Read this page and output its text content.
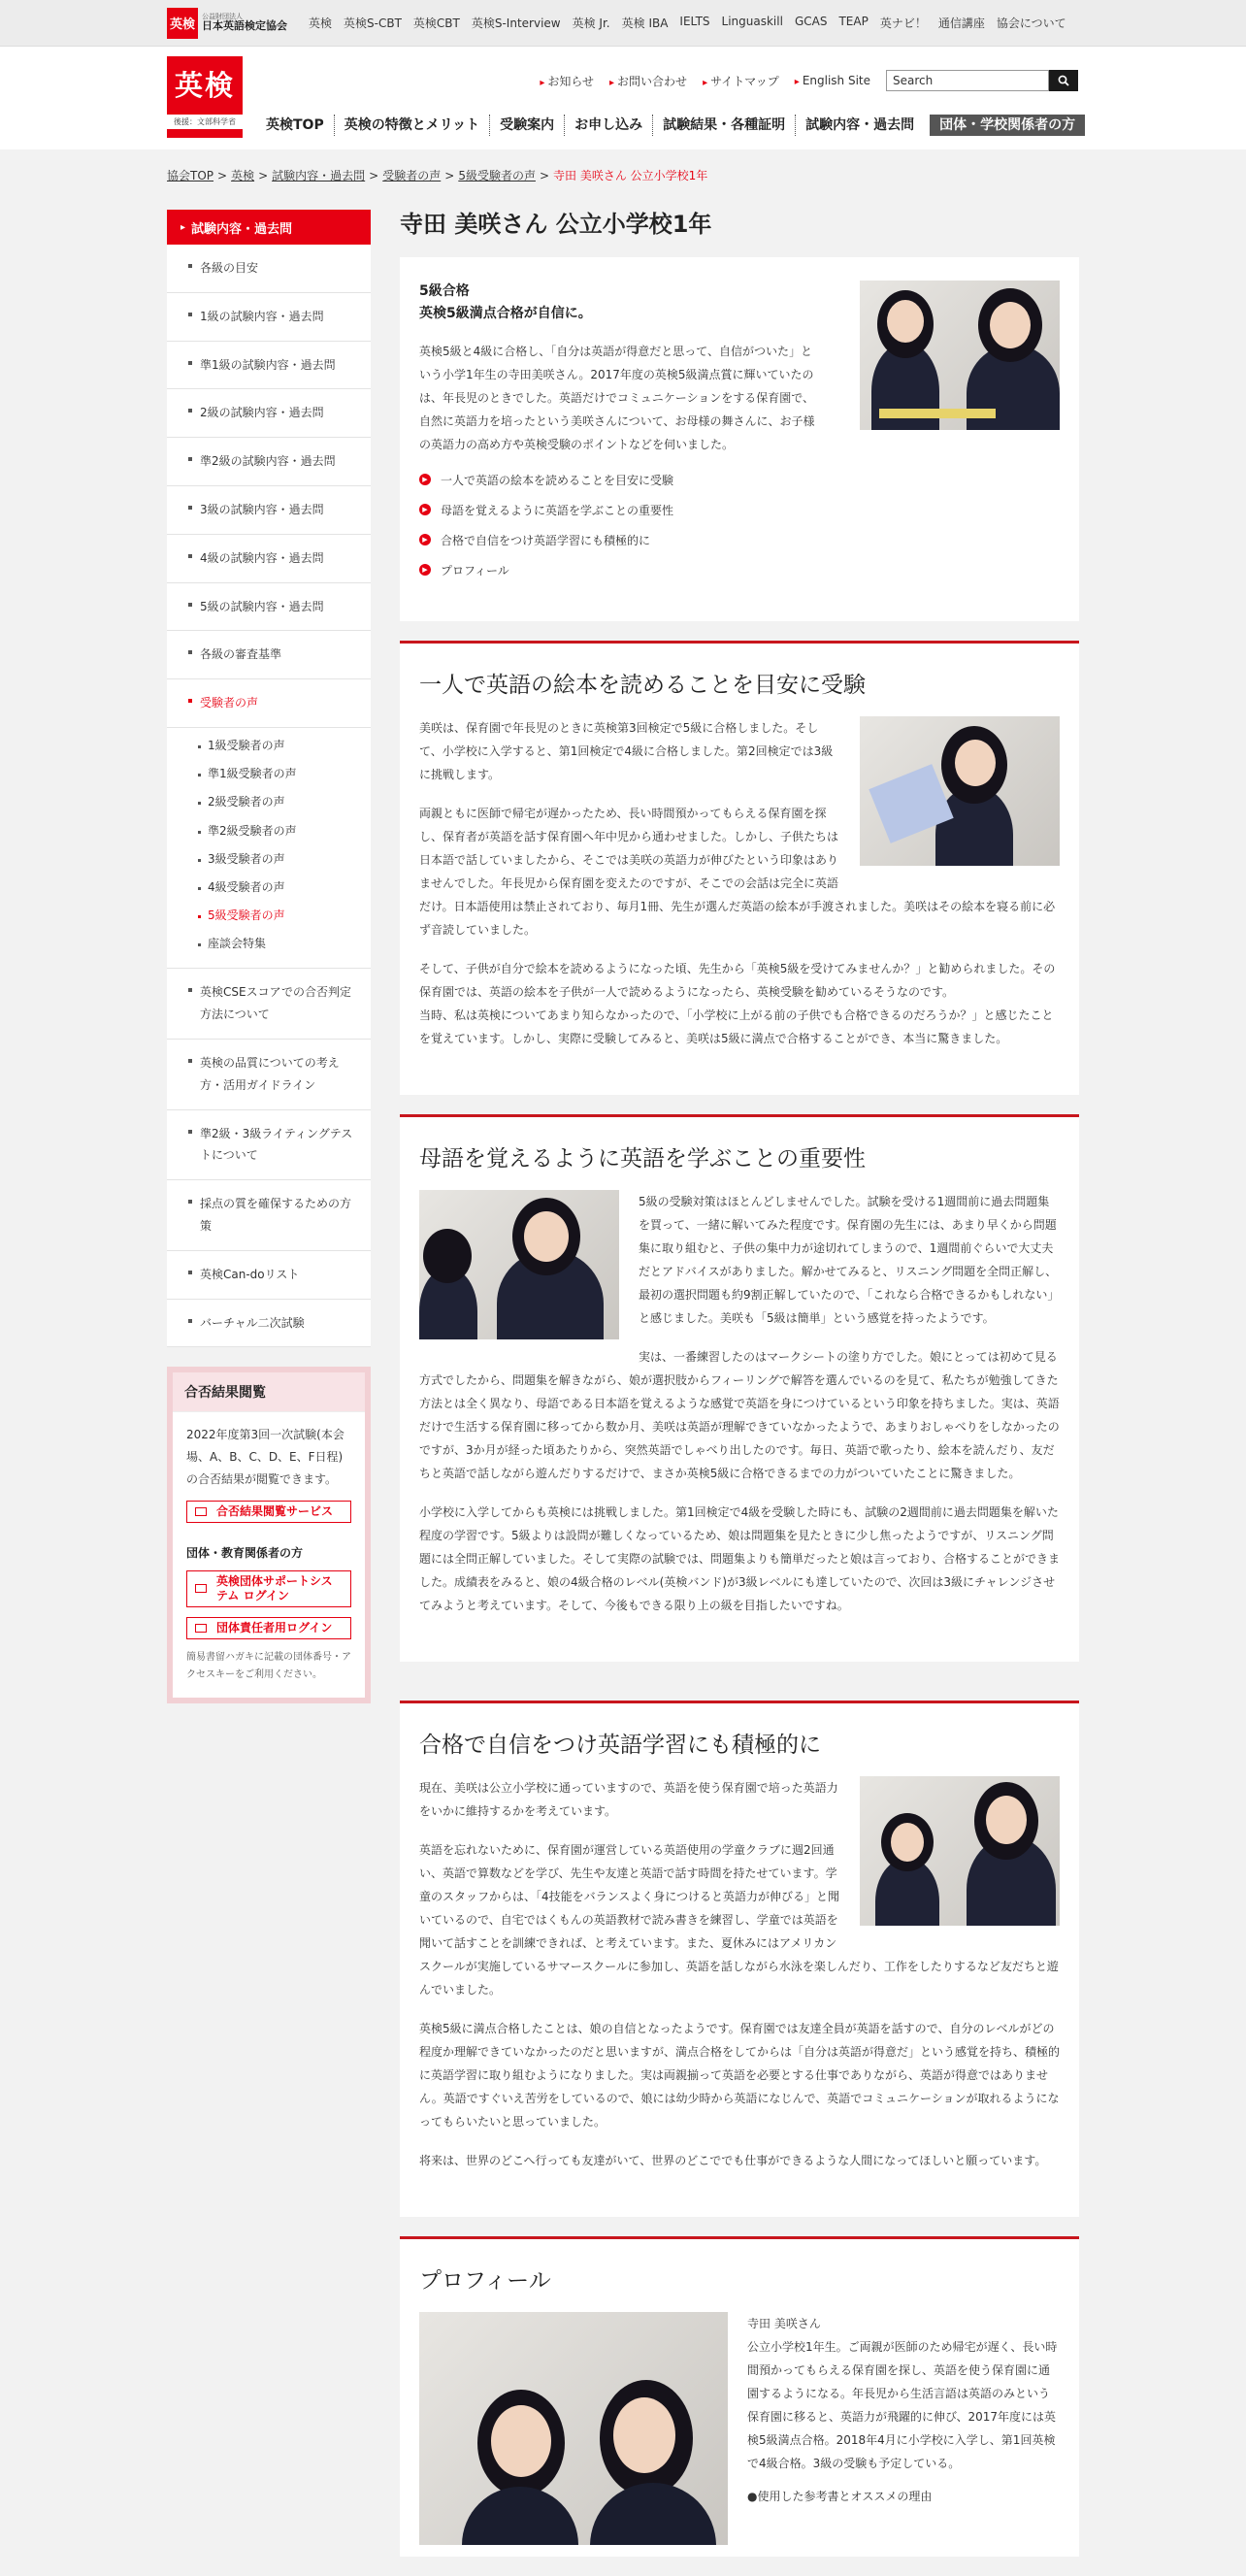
英検
公益財団法人
日本英語検定協会 英検 英検S-CBT 英検CBT 英検S-Interview 英検 Jr. 英検 IBA IELTS Linguaskill GCAS TEAP 英ナビ！ 通信講座 協会について
英検
後援：文部科学省
▸ お知らせ	▸ お問い合わせ	▸ サイトマップ	▸ English Site
Search
英検TOP	英検の特徴とメリット	受験案内	お申し込み	試験結果・各種証明	試験内容・過去問	団体・学校関係者の方
協会TOP > 英検 > 試験内容・過去問 > 受験者の声 > 5級受験者の声 > 寺田 美咲さん 公立小学校1年
▸ 試験内容・過去問
各級の目安
1級の試験内容・過去問
準1級の試験内容・過去問
2級の試験内容・過去問
準2級の試験内容・過去問
3級の試験内容・過去問
4級の試験内容・過去問
5級の試験内容・過去問
各級の審査基準
受験者の声
1級受験者の声
準1級受験者の声
2級受験者の声
準2級受験者の声
3級受験者の声
4級受験者の声
5級受験者の声
座談会特集
英検CSEスコアでの合否判定方法について
英検の品質についての考え方・活用ガイドライン
準2級・3級ライティングテストについて
採点の質を確保するための方策
英検Can-doリスト
バーチャル二次試験
合否結果閲覧
2022年度第3回一次試験(本会場、A、B、C、D、E、F日程)の合否結果が閲覧できます。
合否結果閲覧サービス
団体・教育関係者の方
英検団体サポートシステム ログイン
団体責任者用ログイン
簡易書留ハガキに記載の団体番号・アクセスキーをご利用ください。
寺田 美咲さん 公立小学校1年
5級合格
英検5級満点合格が自信に。

英検5級と4級に合格し、「自分は英語が得意だと思って、自信がついた」という小学1年生の寺田美咲さん。2017年度の英検5級満点賞に輝いていたのは、年長児のときでした。英語だけでコミュニケーションをする保育園で、自然に英語力を培ったという美咲さんについて、お母様の舞さんに、お子様の英語力の高め方や英検受験のポイントなどを伺いました。

▶ 一人で英語の絵本を読めることを目安に受験
▶ 母語を覚えるように英語を学ぶことの重要性
▶ 合格で自信をつけ英語学習にも積極的に
▶ プロフィール
一人で英語の絵本を読めることを目安に受験

美咲は、保育園で年長児のときに英検第3回検定で5級に合格しました。そして、小学校に入学すると、第1回検定で4級に合格しました。第2回検定では3級に挑戦します。

両親ともに医師で帰宅が遅かったため、長い時間預かってもらえる保育園を探し、保育者が英語を話す保育園へ年中児から通わせました。しかし、子供たちは日本語で話していましたから、そこでは美咲の英語力が伸びたという印象はありませんでした。年長児から保育園を変えたのですが、そこでの会話は完全に英語だけ。日本語使用は禁止されており、毎月1冊、先生が選んだ英語の絵本が手渡されました。美咲はその絵本を寝る前に必ず音読していました。

そして、子供が自分で絵本を読めるようになった頃、先生から「英検5級を受けてみませんか？」と勧められました。その保育園では、英語の絵本を子供が一人で読めるようになったら、英検受験を勧めているそうなのです。

当時、私は英検についてあまり知らなかったので、「小学校に上がる前の子供でも合格できるのだろうか？」と感じたことを覚えています。しかし、実際に受験してみると、美咲は5級に満点で合格することができ、本当に驚きました。

母語を覚えるように英語を学ぶことの重要性

5級の受験対策はほとんどしませんでした。試験を受ける1週間前に過去問題集を買って、一緒に解いてみた程度です。保育園の先生には、あまり早くから問題集に取り組むと、子供の集中力が途切れてしまうので、1週間前ぐらいで大丈夫だとアドバイスがありました。解かせてみると、リスニング問題を全問正解し、最初の選択問題も約9割正解していたので、「これなら合格できるかもしれない」と感じました。美咲も「5級は簡単」という感覚を持ったようです。

実は、一番練習したのはマークシートの塗り方でした。娘にとっては初めて見る方式でしたから、問題集を解きながら、娘が選択肢からフィーリングで解答を選んでいるのを見て、私たちが勉強してきた方法とは全く異なり、母語である日本語を覚えるような感覚で英語を身につけているという印象を持ちました。実は、英語だけで生活する保育園に移ってから数か月、美咲は英語が理解できていなかったようで、あまりおしゃべりをしなかったのですが、3か月が経った頃あたりから、突然英語でしゃべり出したのです。毎日、英語で歌ったり、絵本を読んだり、友だちと英語で話しながら遊んだりするだけで、まさか英検5級に合格できるまでの力がついていたことに驚きました。

小学校に入学してからも英検には挑戦しました。第1回検定で4級を受験した時にも、試験の2週間前に過去問題集を解いた程度の学習です。5級よりは設問が難しくなっているため、娘は問題集を見たときに少し焦ったようですが、リスニング問題には全問正解していました。そして実際の試験では、問題集よりも簡単だったと娘は言っており、合格することができました。成績表をみると、娘の4級合格のレベル(英検バンド)が3級レベルにも達していたので、次回は3級にチャレンジさせてみようと考えています。そして、今後もできる限り上の級を目指したいですね。

合格で自信をつけ英語学習にも積極的に

現在、美咲は公立小学校に通っていますので、英語を使う保育園で培った英語力をいかに維持するかを考えています。

英語を忘れないために、保育園が運営している英語使用の学童クラブに週2回通い、英語で算数などを学び、先生や友達と英語で話す時間を持たせています。学童のスタッフからは、「4技能をバランスよく身につけると英語力が伸びる」と聞いているので、自宅ではくもんの英語教材で読み書きを練習し、学童では英語を聞いて話すことを訓練できれば、と考えています。また、夏休みにはアメリカンスクールが実施しているサマースクールに参加し、英語を話しながら水泳を楽しんだり、工作をしたりするなど友だちと遊んでいました。

英検5級に満点合格したことは、娘の自信となったようです。保育園では友達全員が英語を話すので、自分のレベルがどの程度か理解できていなかったのだと思いますが、満点合格をしてからは「自分は英語が得意だ」という感覚を持ち、積極的に英語学習に取り組むようになりました。実は両親揃って英語を必要とする仕事でありながら、英語が得意ではありません。英語ですぐいえ苦労をしているので、娘には幼少時から英語になじんで、英語でコミュニケーションが取れるようになってもらいたいと思っていました。

将来は、世界のどこへ行っても友達がいて、世界のどこででも仕事ができるような人間になってほしいと願っています。

プロフィール
寺田 美咲さん

公立小学校1年生。ご両親が医師のため帰宅が遅く、長い時間預かってもらえる保育園を探し、英語を使う保育園に通園するようになる。年長児から生活言語は英語のみという保育園に移ると、英語力が飛躍的に伸び、2017年度には英検5級満点合格。2018年4月に小学校に入学し、第1回英検で4級合格。3級の受験も予定している。

●使用した参考書とオススメの理由
